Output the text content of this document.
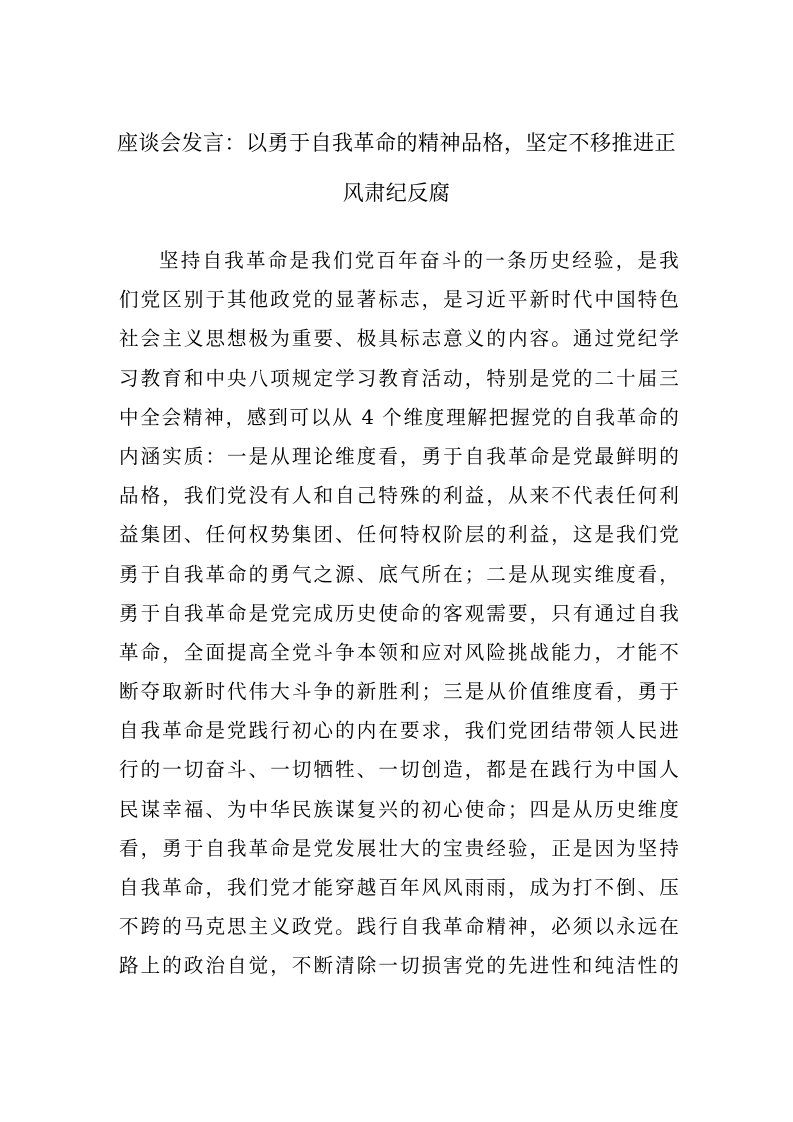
座谈会发言：以勇于自我革命的精神品格，坚定不移推进正
风肃纪反腐
坚持自我革命是我们党百年奋斗的一条历史经验，是我
们党区别于其他政党的显著标志，是习近平新时代中国特色
社会主义思想极为重要、极具标志意义的内容。通过党纪学
习教育和中央八项规定学习教育活动，特别是党的二十届三
中全会精神，感到可以从 4 个维度理解把握党的自我革命的
内涵实质：一是从理论维度看，勇于自我革命是党最鲜明的
品格，我们党没有人和自己特殊的利益，从来不代表任何利
益集团、任何权势集团、任何特权阶层的利益，这是我们党
勇于自我革命的勇气之源、底气所在；二是从现实维度看，
勇于自我革命是党完成历史使命的客观需要，只有通过自我
革命，全面提高全党斗争本领和应对风险挑战能力，才能不
断夺取新时代伟大斗争的新胜利；三是从价值维度看，勇于
自我革命是党践行初心的内在要求，我们党团结带领人民进
行的一切奋斗、一切牺牲、一切创造，都是在践行为中国人
民谋幸福、为中华民族谋复兴的初心使命；四是从历史维度
看，勇于自我革命是党发展壮大的宝贵经验，正是因为坚持
自我革命，我们党才能穿越百年风风雨雨，成为打不倒、压
不跨的马克思主义政党。践行自我革命精神，必须以永远在
路上的政治自觉，不断清除一切损害党的先进性和纯洁性的
